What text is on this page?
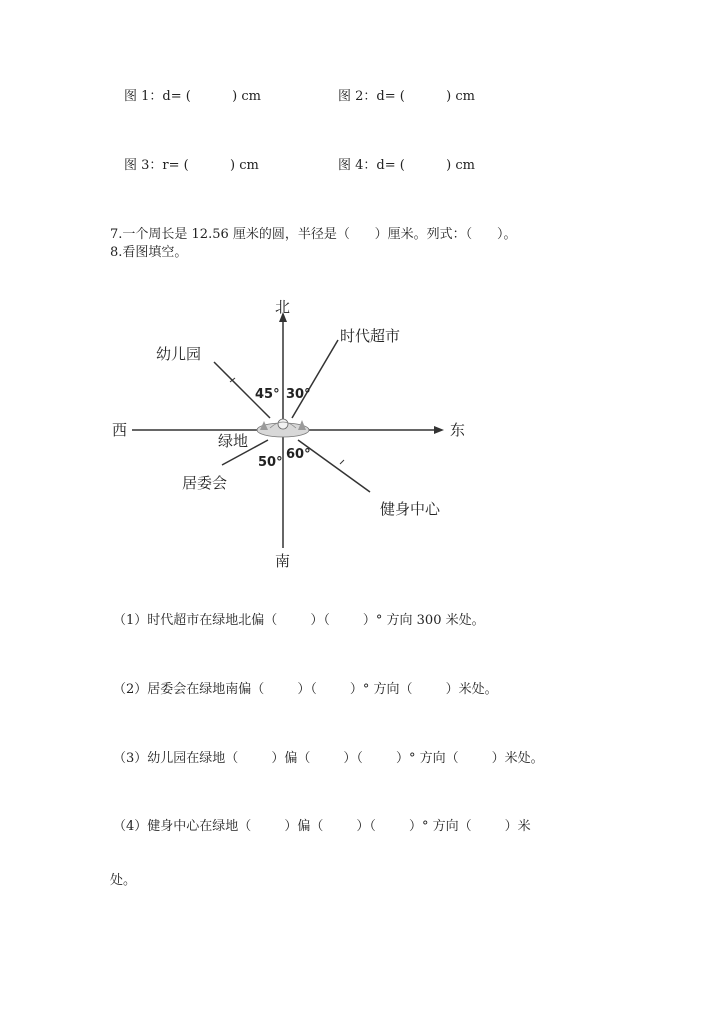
图 1：d= (          ) cm	图 2：d= (          ) cm
图 3：r= (          ) cm	图 4：d= (          ) cm
7.一个周长是 12.56 厘米的圆，半径是（      ）厘米。列式：（      ）。
8.看图填空。
北
南
西	东
绿地
幼儿园
时代超市
居委会
健身中心
45° 30°
50°
60°
（1）时代超市在绿地北偏（        ）（        ）° 方向 300 米处。
（2）居委会在绿地南偏（        ）（        ）° 方向（        ）米处。
（3）幼儿园在绿地（        ）偏（        ）（        ）° 方向（        ）米处。
（4）健身中心在绿地（        ）偏（        ）（        ）° 方向（        ）米
处。
